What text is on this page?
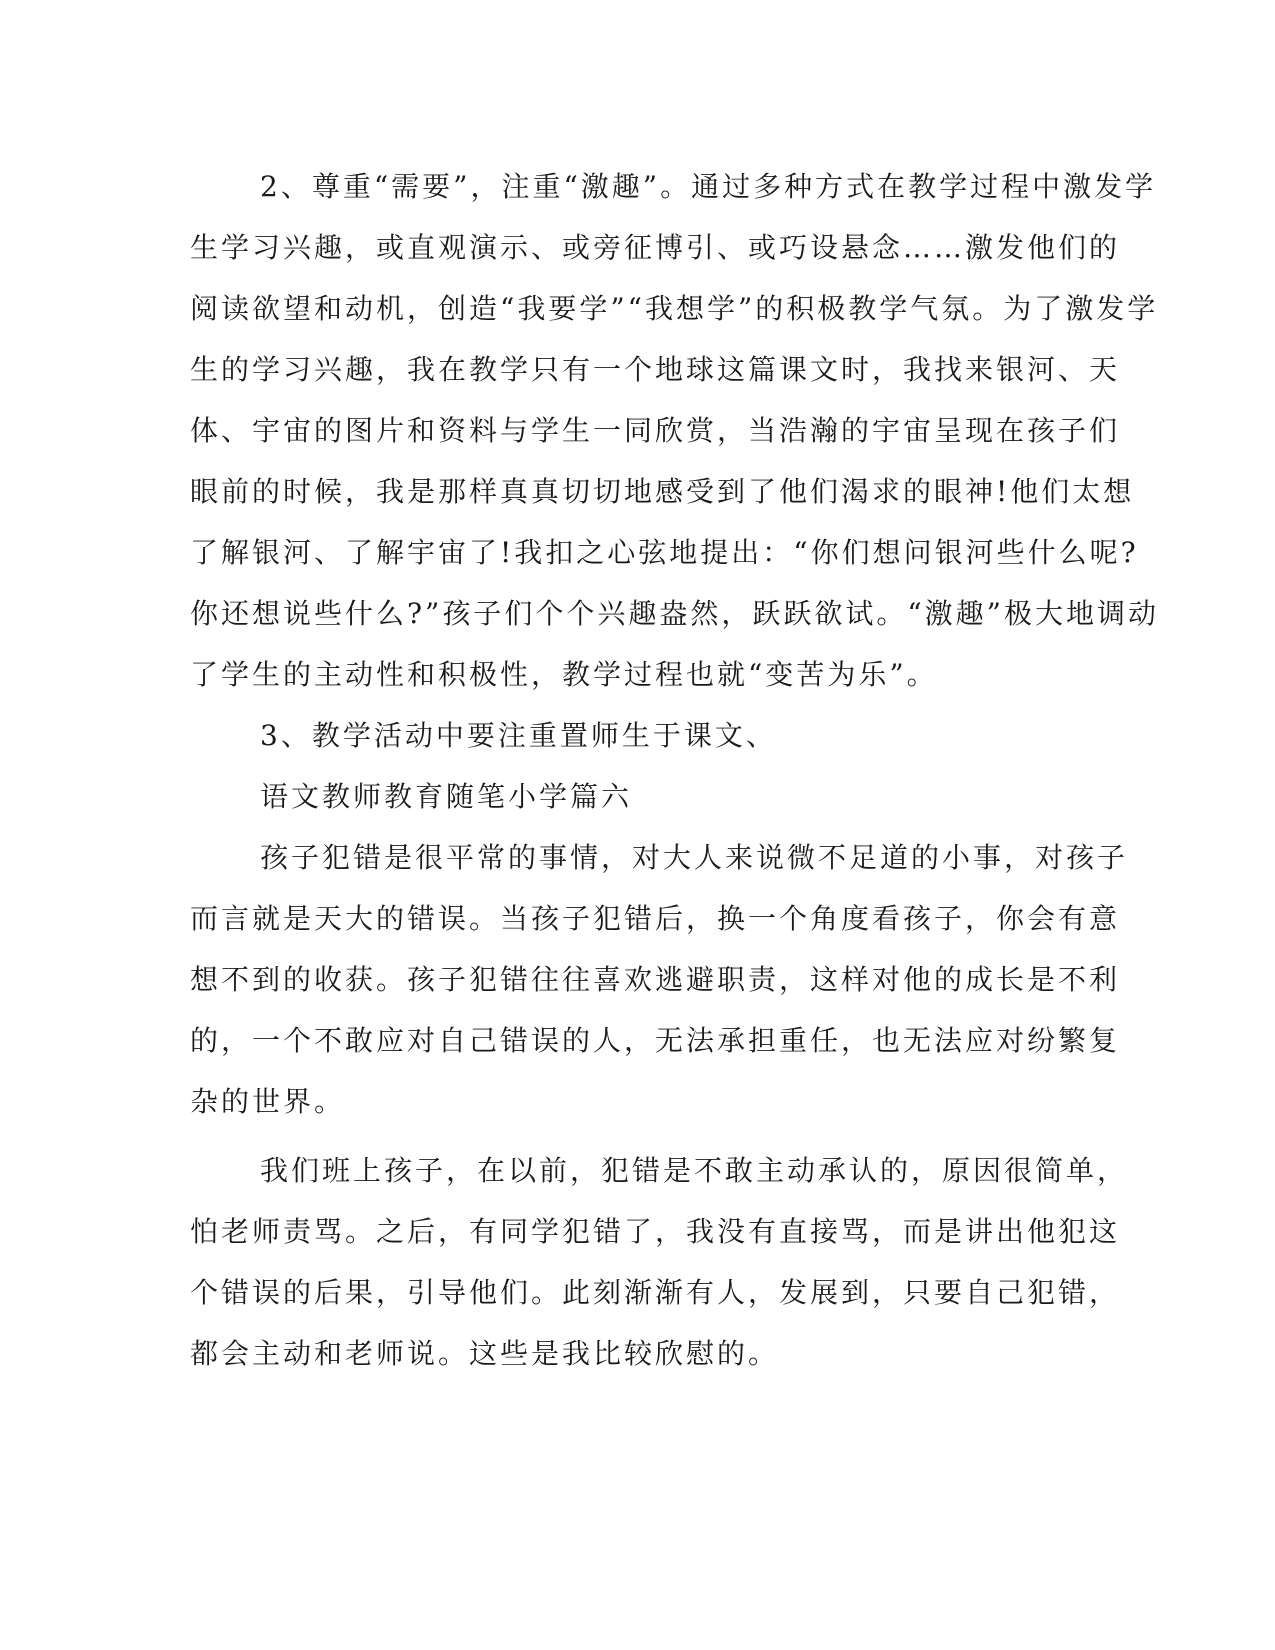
2、尊重“需要”，注重“激趣”。通过多种方式在教学过程中激发学
生学习兴趣，或直观演示、或旁征博引、或巧设悬念……激发他们的
阅读欲望和动机，创造“我要学”“我想学”的积极教学气氛。为了激发学
生的学习兴趣，我在教学只有一个地球这篇课文时，我找来银河、天
体、宇宙的图片和资料与学生一同欣赏，当浩瀚的宇宙呈现在孩子们
眼前的时候，我是那样真真切切地感受到了他们渴求的眼神!他们太想
了解银河、了解宇宙了!我扣之心弦地提出：“你们想问银河些什么呢?
你还想说些什么?”孩子们个个兴趣盎然，跃跃欲试。“激趣”极大地调动
了学生的主动性和积极性，教学过程也就“变苦为乐”。
3、教学活动中要注重置师生于课文、
语文教师教育随笔小学篇六
孩子犯错是很平常的事情，对大人来说微不足道的小事，对孩子
而言就是天大的错误。当孩子犯错后，换一个角度看孩子，你会有意
想不到的收获。孩子犯错往往喜欢逃避职责，这样对他的成长是不利
的，一个不敢应对自己错误的人，无法承担重任，也无法应对纷繁复
杂的世界。
我们班上孩子，在以前，犯错是不敢主动承认的，原因很简单，
怕老师责骂。之后，有同学犯错了，我没有直接骂，而是讲出他犯这
个错误的后果，引导他们。此刻渐渐有人，发展到，只要自己犯错，
都会主动和老师说。这些是我比较欣慰的。
